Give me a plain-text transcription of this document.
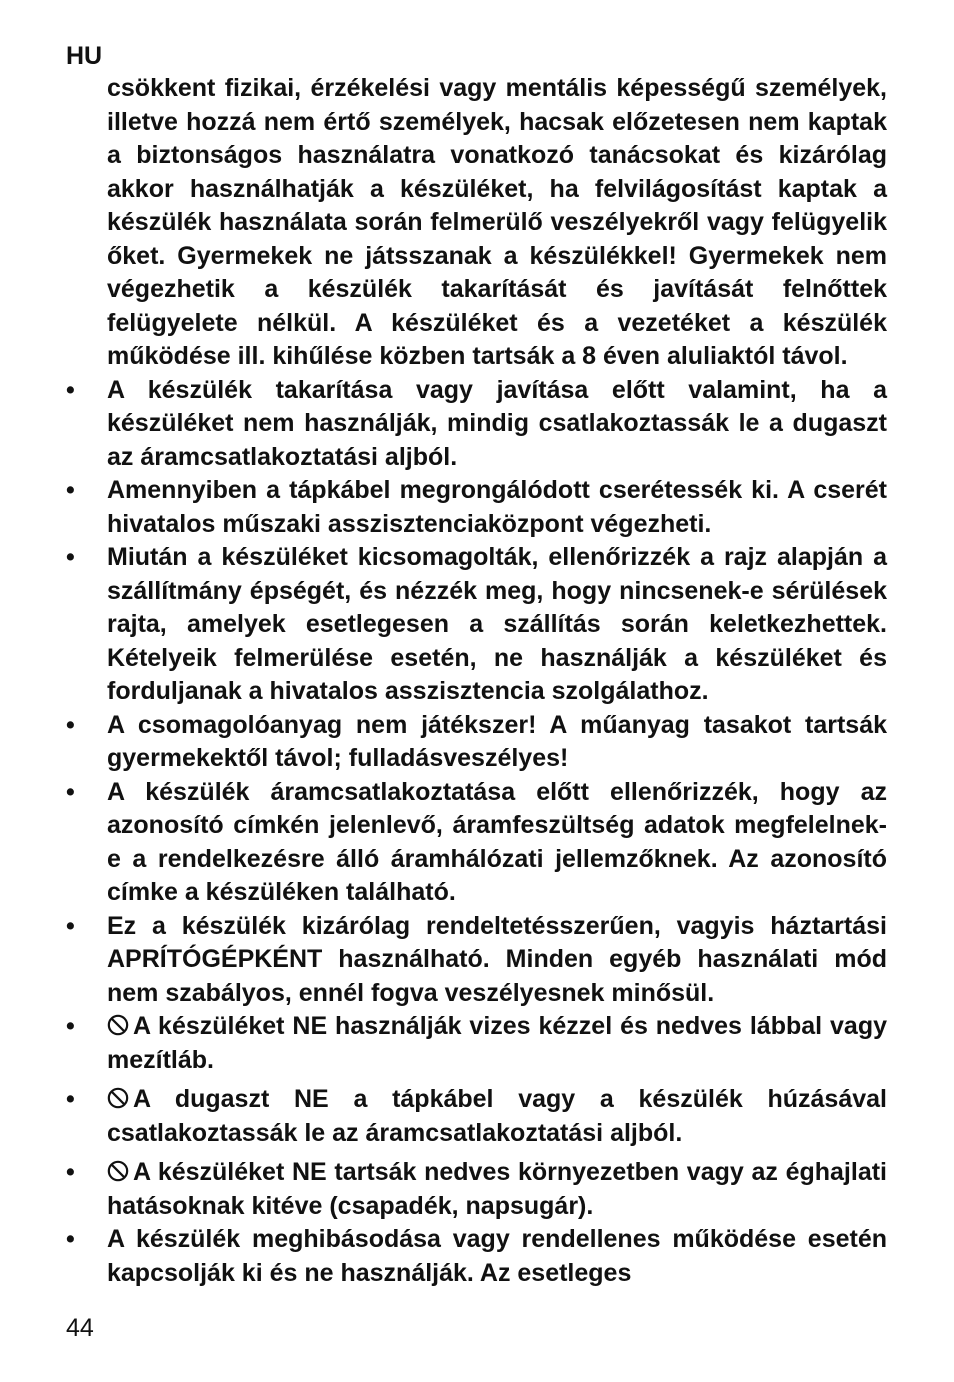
HU

csökkent fizikai, érzékelési vagy mentális képességű személyek, illetve hozzá nem értő személyek, hacsak előzetesen nem kaptak a biztonságos használatra vonatkozó tanácsokat és kizárólag akkor használhatják a készüléket, ha felvilágosítást kaptak a készülék használata során felmerülő veszélyekről vagy felügyelik őket. Gyermekek ne játsszanak a készülékkel! Gyermekek nem végezhetik a készülék takarítását és javítását felnőttek felügyelete nélkül. A készüléket és a vezetéket a készülék működése ill. kihűlése közben tartsák a 8 éven aluliaktól távol.

• A készülék takarítása vagy javítása előtt valamint, ha a készüléket nem használják, mindig csatlakoztassák le a dugaszt az áramcsatlakoztatási aljból.
• Amennyiben a tápkábel megrongálódott cserétessék ki. A cserét hivatalos műszaki asszisztenciaközpont végezheti.
• Miután a készüléket kicsomagolták, ellenőrizzék a rajz alapján a szállítmány épségét, és nézzék meg, hogy nincsenek-e sérülések rajta, amelyek esetlegesen a szállítás során keletkezhettek. Kételyeik felmerülése esetén, ne használják a készüléket és forduljanak a hivatalos asszisztencia szolgálathoz.
• A csomagolóanyag nem játékszer! A műanyag tasakot tartsák gyermekektől távol; fulladásveszélyes!
• A készülék áramcsatlakoztatása előtt ellenőrizzék, hogy az azonosító címkén jelenlevő, áramfeszültség adatok megfelelnek-e a rendelkezésre álló áramhálózati jellemzőknek. Az azonosító címke a készüléken található.
• Ez a készülék kizárólag rendeltetésszerűen, vagyis háztartási APRÍTÓGÉPKÉNT használható. Minden egyéb használati mód nem szabályos, ennél fogva veszélyesnek minősül.
• A készüléket NE használják vizes kézzel és nedves lábbal vagy mezítláb.
• A dugaszt NE a tápkábel vagy a készülék húzásával csatlakoztassák le az áramcsatlakoztatási aljból.
• A készüléket NE tartsák nedves környezetben vagy az éghajlati hatásoknak kitéve (csapadék, napsugár).
• A készülék meghibásodása vagy rendellenes működése esetén kapcsolják ki és ne használják. Az esetleges
44
